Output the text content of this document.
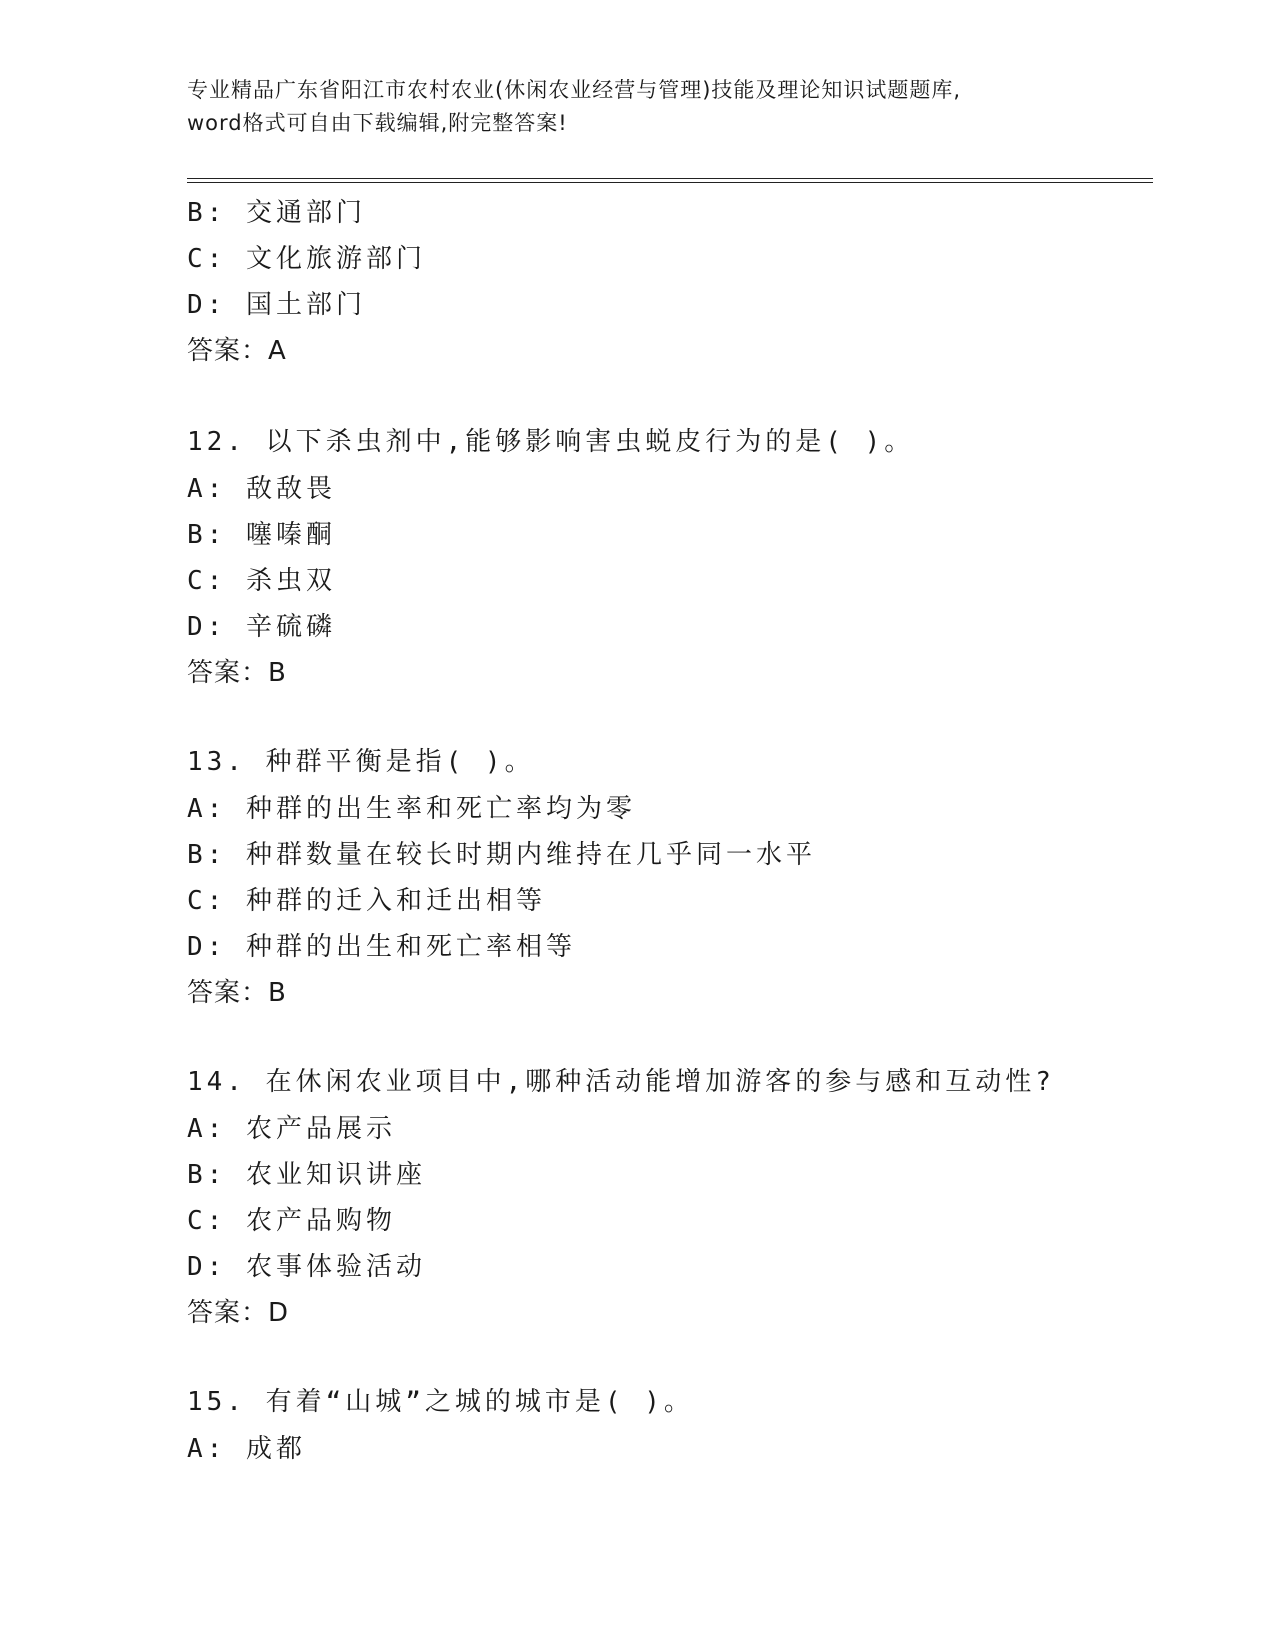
专业精品广东省阳江市农村农业(休闲农业经营与管理)技能及理论知识试题题库,
word格式可自由下载编辑,附完整答案!
B: 交通部门
C: 文化旅游部门
D: 国土部门
答案：A
12. 以下杀虫剂中,能够影响害虫蜕皮行为的是( )。
A: 敌敌畏
B: 噻嗪酮
C: 杀虫双
D: 辛硫磷
答案：B
13. 种群平衡是指( )。
A: 种群的出生率和死亡率均为零
B: 种群数量在较长时期内维持在几乎同一水平
C: 种群的迁入和迁出相等
D: 种群的出生和死亡率相等
答案：B
14. 在休闲农业项目中,哪种活动能增加游客的参与感和互动性?
A: 农产品展示
B: 农业知识讲座
C: 农产品购物
D: 农事体验活动
答案：D
15. 有着“山城”之城的城市是( )。
A: 成都
